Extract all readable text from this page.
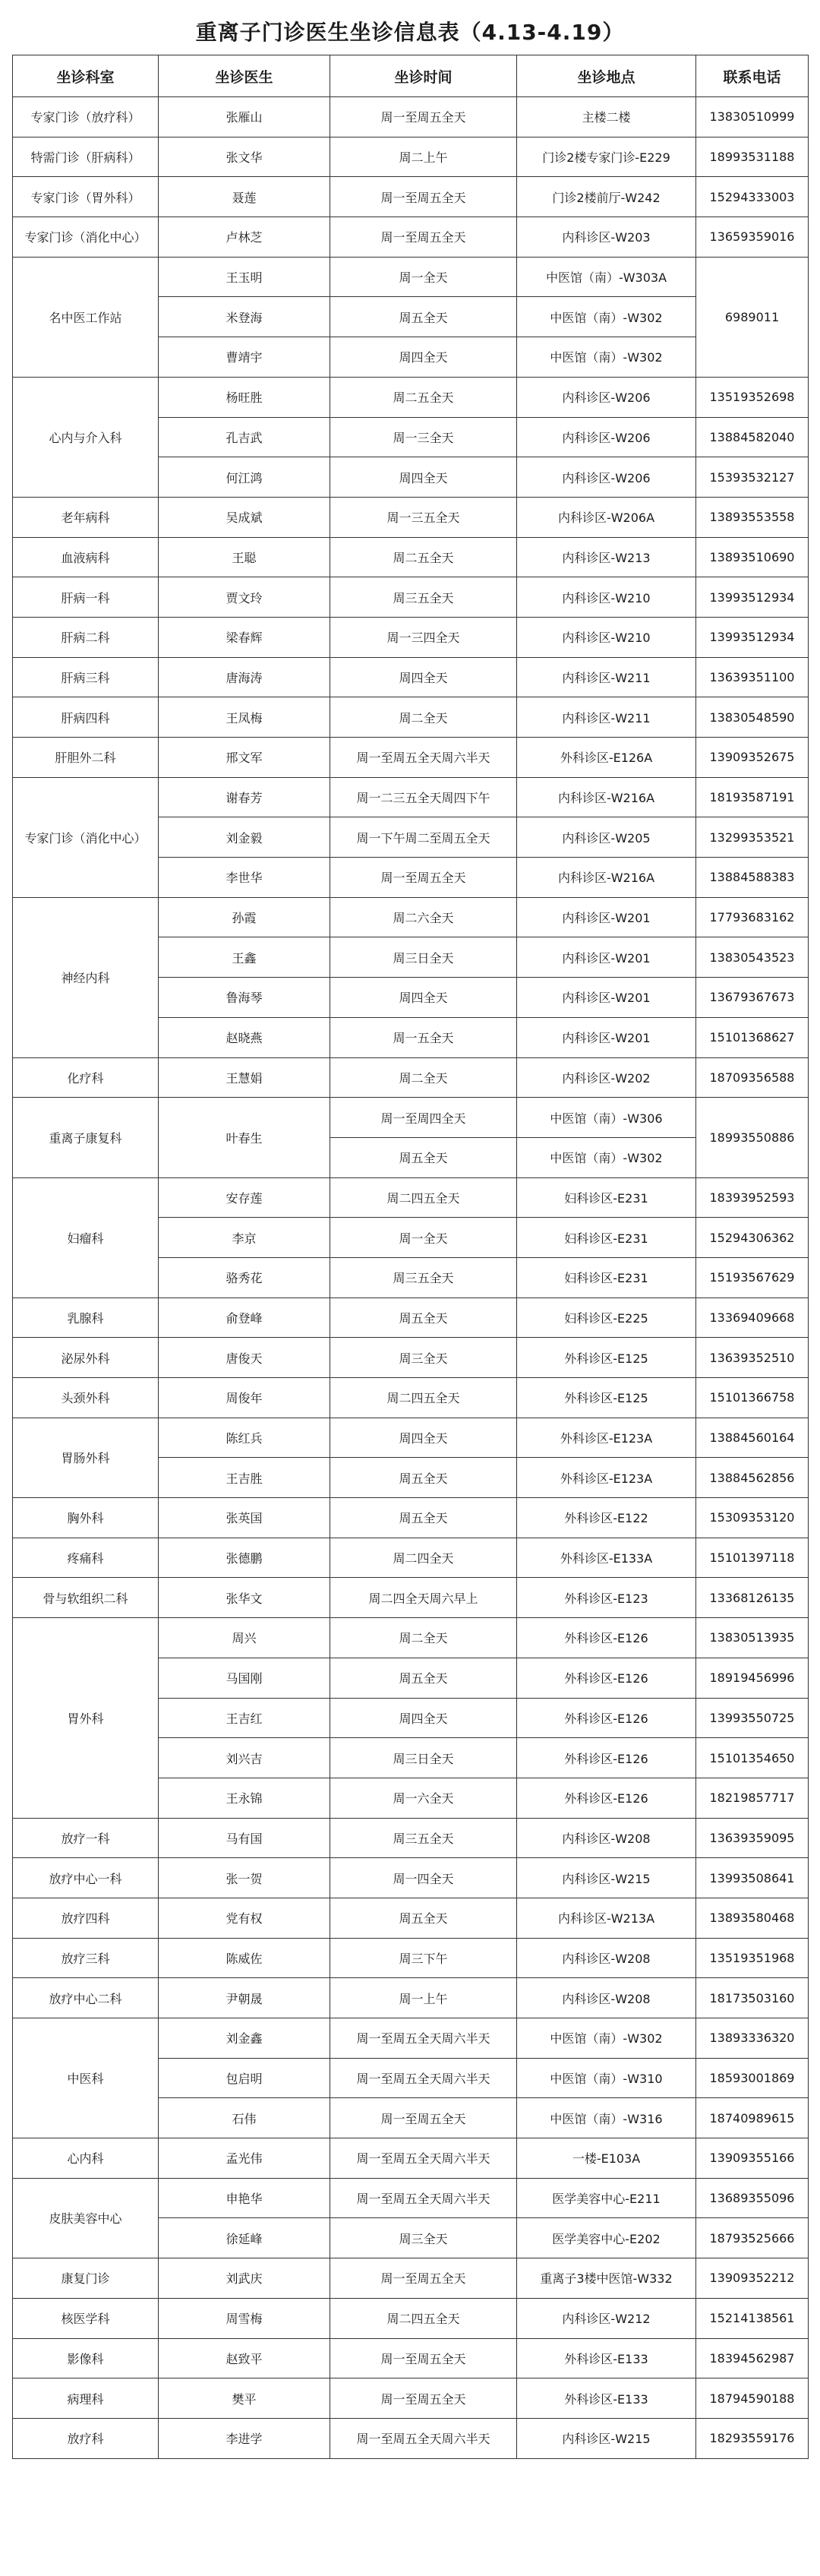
重离子门诊医生坐诊信息表（4.13-4.19）
坐诊科室	坐诊医生	坐诊时间	坐诊地点	联系电话
专家门诊（放疗科）	张雁山	周一至周五全天	主楼二楼	13830510999
特需门诊（肝病科）	张文华	周二上午	门诊2楼专家门诊-E229	18993531188
专家门诊（胃外科）	聂莲	周一至周五全天	门诊2楼前厅-W242	15294333003
专家门诊（消化中心）	卢林芝	周一至周五全天	内科诊区-W203	13659359016
名中医工作站	王玉明	周一全天	中医馆（南）-W303A	6989011
	米登海	周五全天	中医馆（南）-W302	
	曹靖宇	周四全天	中医馆（南）-W302	
心内与介入科	杨旺胜	周二五全天	内科诊区-W206	13519352698
	孔吉武	周一三全天	内科诊区-W206	13884582040
	何江鸿	周四全天	内科诊区-W206	15393532127
老年病科	吴成斌	周一三五全天	内科诊区-W206A	13893553558
血液病科	王聪	周二五全天	内科诊区-W213	13893510690
肝病一科	贾文玲	周三五全天	内科诊区-W210	13993512934
肝病二科	梁春辉	周一三四全天	内科诊区-W210	13993512934
肝病三科	唐海涛	周四全天	内科诊区-W211	13639351100
肝病四科	王凤梅	周二全天	内科诊区-W211	13830548590
肝胆外二科	邢文军	周一至周五全天周六半天	外科诊区-E126A	13909352675
专家门诊（消化中心）	谢春芳	周一二三五全天周四下午	内科诊区-W216A	18193587191
	刘金毅	周一下午周二至周五全天	内科诊区-W205	13299353521
	李世华	周一至周五全天	内科诊区-W216A	13884588383
神经内科	孙霞	周二六全天	内科诊区-W201	17793683162
	王鑫	周三日全天	内科诊区-W201	13830543523
	鲁海琴	周四全天	内科诊区-W201	13679367673
	赵晓燕	周一五全天	内科诊区-W201	15101368627
化疗科	王慧娟	周二全天	内科诊区-W202	18709356588
重离子康复科	叶春生	周一至周四全天	中医馆（南）-W306	18993550886
		周五全天	中医馆（南）-W302	
妇瘤科	安存莲	周二四五全天	妇科诊区-E231	18393952593
	李京	周一全天	妇科诊区-E231	15294306362
	骆秀花	周三五全天	妇科诊区-E231	15193567629
乳腺科	俞登峰	周五全天	妇科诊区-E225	13369409668
泌尿外科	唐俊天	周三全天	外科诊区-E125	13639352510
头颈外科	周俊年	周二四五全天	外科诊区-E125	15101366758
胃肠外科	陈红兵	周四全天	外科诊区-E123A	13884560164
	王吉胜	周五全天	外科诊区-E123A	13884562856
胸外科	张英国	周五全天	外科诊区-E122	15309353120
疼痛科	张德鹏	周二四全天	外科诊区-E133A	15101397118
骨与软组织二科	张华文	周二四全天周六早上	外科诊区-E123	13368126135
胃外科	周兴	周二全天	外科诊区-E126	13830513935
	马国刚	周五全天	外科诊区-E126	18919456996
	王吉红	周四全天	外科诊区-E126	13993550725
	刘兴吉	周三日全天	外科诊区-E126	15101354650
	王永锦	周一六全天	外科诊区-E126	18219857717
放疗一科	马有国	周三五全天	内科诊区-W208	13639359095
放疗中心一科	张一贺	周一四全天	内科诊区-W215	13993508641
放疗四科	党有权	周五全天	内科诊区-W213A	13893580468
放疗三科	陈威佐	周三下午	内科诊区-W208	13519351968
放疗中心二科	尹朝晟	周一上午	内科诊区-W208	18173503160
中医科	刘金鑫	周一至周五全天周六半天	中医馆（南）-W302	13893336320
	包启明	周一至周五全天周六半天	中医馆（南）-W310	18593001869
	石伟	周一至周五全天	中医馆（南）-W316	18740989615
心内科	孟光伟	周一至周五全天周六半天	一楼-E103A	13909355166
皮肤美容中心	申艳华	周一至周五全天周六半天	医学美容中心-E211	13689355096
	徐延峰	周三全天	医学美容中心-E202	18793525666
康复门诊	刘武庆	周一至周五全天	重离子3楼中医馆-W332	13909352212
核医学科	周雪梅	周二四五全天	内科诊区-W212	15214138561
影像科	赵致平	周一至周五全天	外科诊区-E133	18394562987
病理科	樊平	周一至周五全天	外科诊区-E133	18794590188
放疗科	李进学	周一至周五全天周六半天	内科诊区-W215	18293559176
